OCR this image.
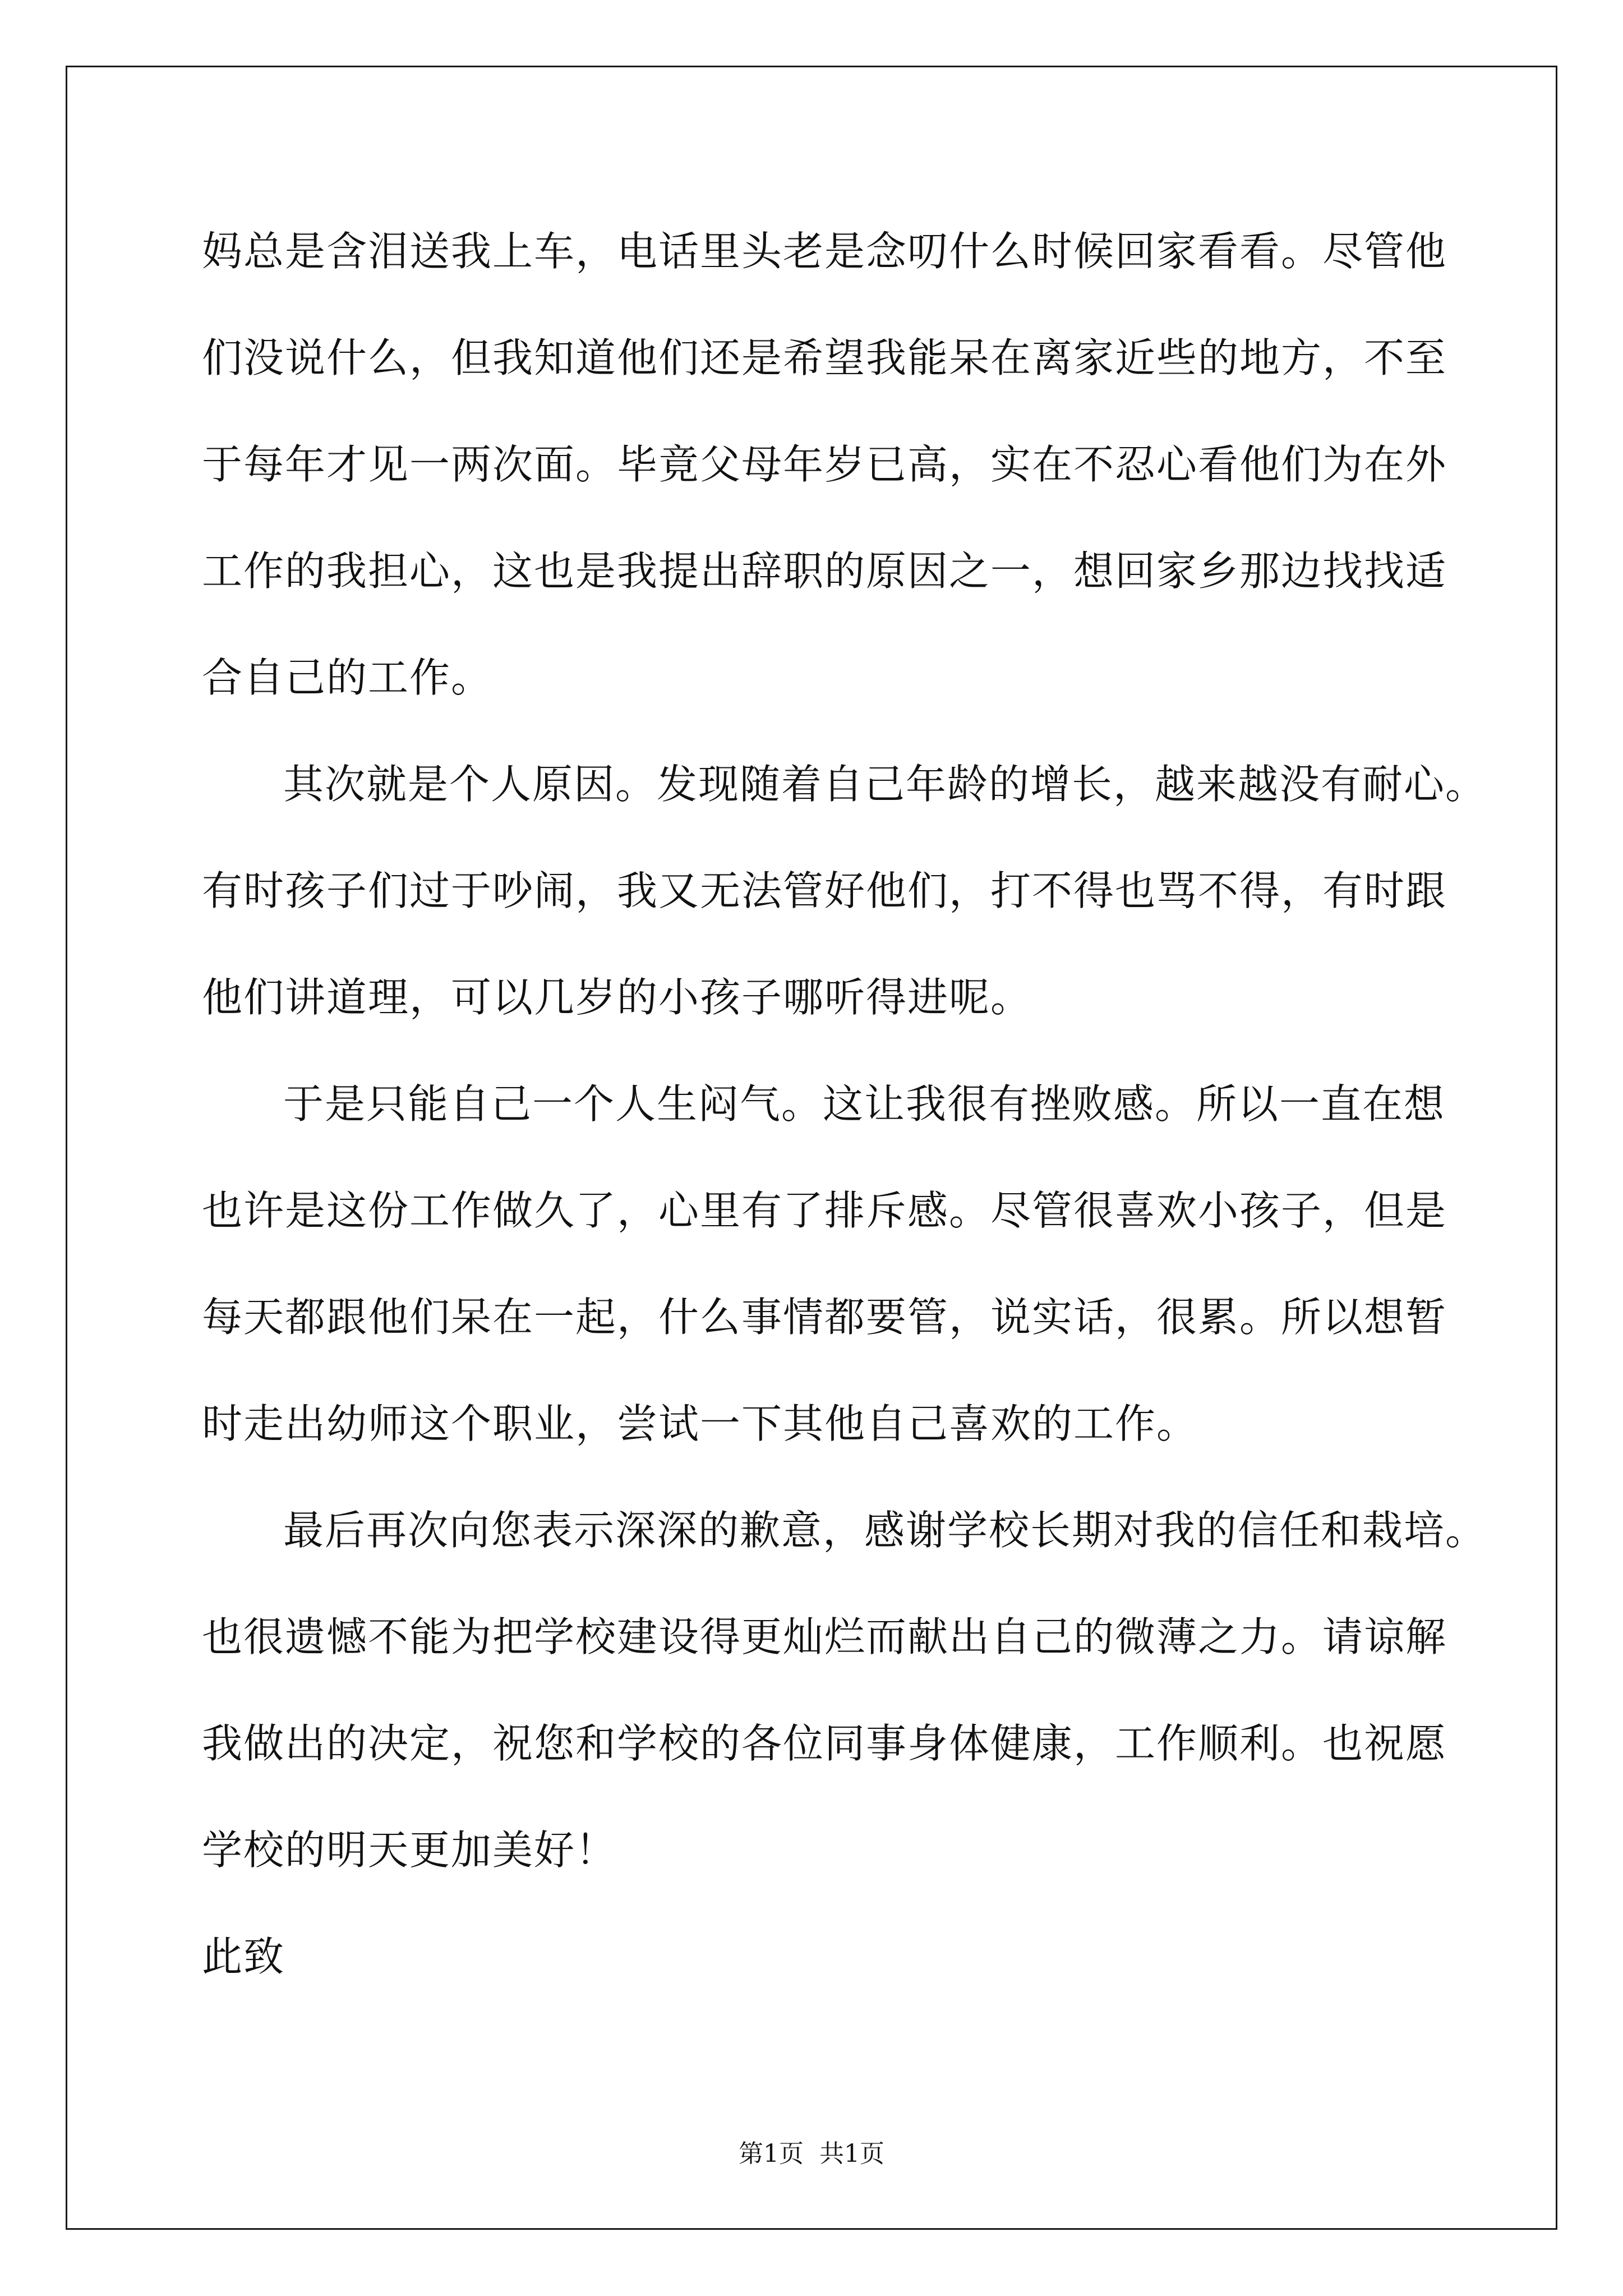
妈总是含泪送我上车，电话里头老是念叨什么时候回家看看。尽管他
们没说什么，但我知道他们还是希望我能呆在离家近些的地方，不至
于每年才见一两次面。毕竟父母年岁已高，实在不忍心看他们为在外
工作的我担心，这也是我提出辞职的原因之一，想回家乡那边找找适
合自己的工作。
其次就是个人原因。发现随着自己年龄的增长，越来越没有耐心。
有时孩子们过于吵闹，我又无法管好他们，打不得也骂不得，有时跟
他们讲道理，可以几岁的小孩子哪听得进呢。
于是只能自己一个人生闷气。这让我很有挫败感。所以一直在想
也许是这份工作做久了，心里有了排斥感。尽管很喜欢小孩子，但是
每天都跟他们呆在一起，什么事情都要管，说实话，很累。所以想暂
时走出幼师这个职业，尝试一下其他自己喜欢的工作。
最后再次向您表示深深的歉意，感谢学校长期对我的信任和栽培。
也很遗憾不能为把学校建设得更灿烂而献出自己的微薄之力。请谅解
我做出的决定，祝您和学校的各位同事身体健康，工作顺利。也祝愿
学校的明天更加美好！
此致
第1页  共1页
